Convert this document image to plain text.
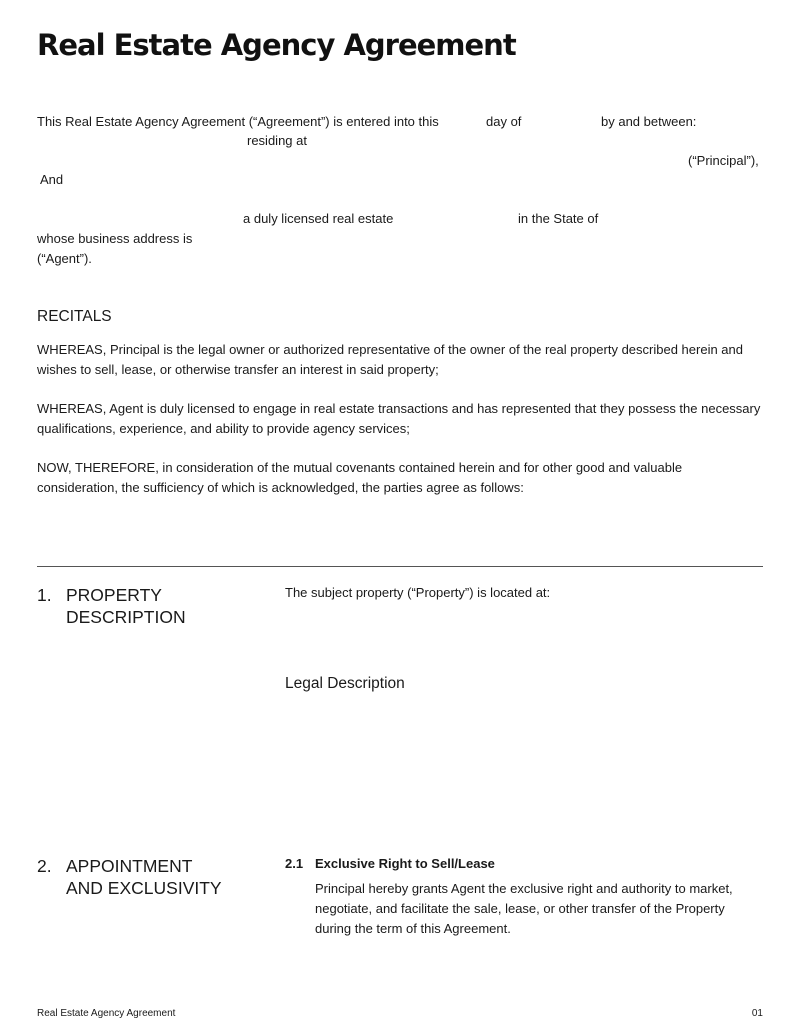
Real Estate Agency Agreement
This Real Estate Agency Agreement (“Agreement”) is entered into this	day of	by and between:
residing at
(“Principal”),
And
a duly licensed real estate	in the State of
whose business address is
(“Agent”).
RECITALS
WHEREAS, Principal is the legal owner or authorized representative of the owner of the real property described herein and wishes to sell, lease, or otherwise transfer an interest in said property;
WHEREAS, Agent is duly licensed to engage in real estate transactions and has represented that they possess the necessary qualifications, experience, and ability to provide agency services;
NOW, THEREFORE, in consideration of the mutual covenants contained herein and for other good and valuable consideration, the sufficiency of which is acknowledged, the parties agree as follows:
1. PROPERTY
DESCRIPTION
The subject property (“Property”) is located at:
Legal Description
2. APPOINTMENT
AND EXCLUSIVITY
2.1 Exclusive Right to Sell/Lease
Principal hereby grants Agent the exclusive right and authority to market, negotiate, and facilitate the sale, lease, or other transfer of the Property during the term of this Agreement.
Real Estate Agency Agreement	01
